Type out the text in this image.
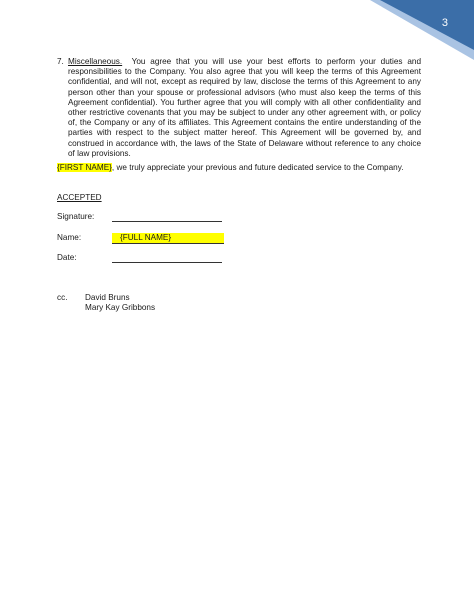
3
7. Miscellaneous. You agree that you will use your best efforts to perform your duties and responsibilities to the Company. You also agree that you will keep the terms of this Agreement confidential, and will not, except as required by law, disclose the terms of this Agreement to any person other than your spouse or professional advisors (who must also keep the terms of this Agreement confidential). You further agree that you will comply with all other confidentiality and other restrictive covenants that you may be subject to under any other agreement with, or policy of, the Company or any of its affiliates. This Agreement contains the entire understanding of the parties with respect to the subject matter hereof. This Agreement will be governed by, and construed in accordance with, the laws of the State of Delaware without reference to any choice of law provisions.
{FIRST NAME}, we truly appreciate your previous and future dedicated service to the Company.
ACCEPTED
Signature:
Name:	{FULL NAME}
Date:
cc. David Bruns
Mary Kay Gribbons
